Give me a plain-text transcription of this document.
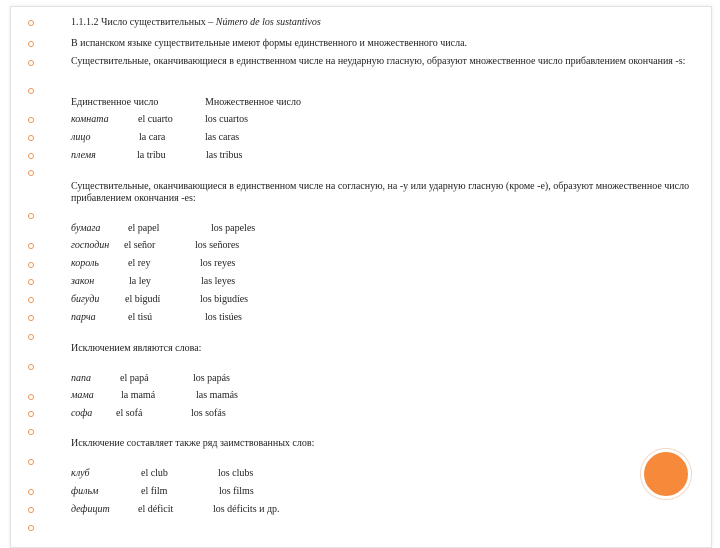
1.1.1.2 Число существительных – Número de los sustantivos
В испанском языке существительные имеют формы единственного и множественного числа.
Существительные, оканчивающиеся в единственном числе на неударную гласную, образуют множественное число прибавлением окончания -s:
Единственное число	Множественное число
комната	el cuarto	los cuartos
лицо	la cara	las caras
племя	la tribu	las tribus
Существительные, оканчивающиеся в единственном числе на согласную, на -y или ударную гласную (кроме -e), образуют множественное число прибавлением окончания -es:
бумага	el papel	los papeles
господин el señor	los señores
король	el rey	los reyes
закон	la ley	las leyes
бигуди	el bigudí	los bigudíes
парча	el tisú	los tisúes
Исключением являются слова:
папа	el papá	los papás
мама	la mamá	las mamás
софа el sofá	los sofás
Исключение составляет также ряд заимствованных слов:
клуб	el club	los clubs
фильм	el film	los films
дефицит	el déficit	los déficits и др.
